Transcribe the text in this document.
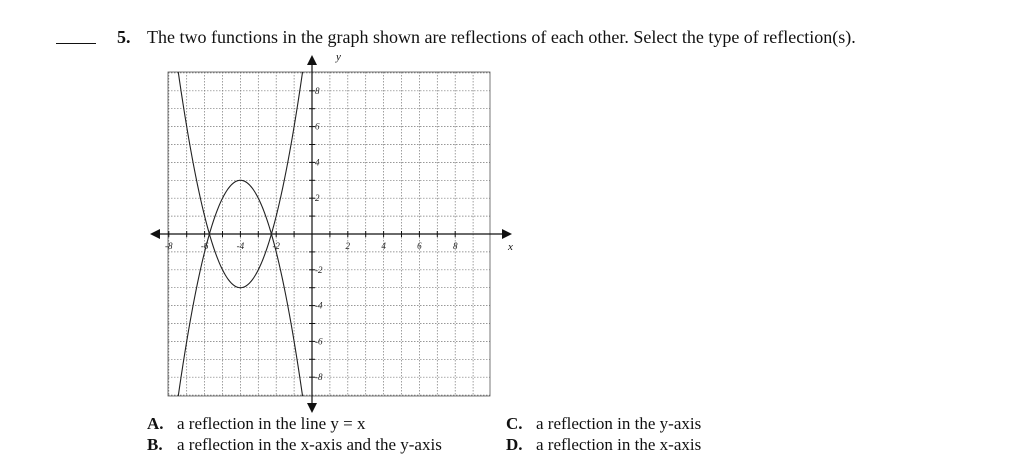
5. The two functions in the graph shown are reflections of each other. Select the type of reflection(s).
x
y
-8	-6	-4	-2	2	4	6	8
8
6
4
2
-2
-4
-6
-8
A. a reflection in the line y = x
B. a reflection in the x-axis and the y-axis
C. a reflection in the y-axis
D. a reflection in the x-axis
